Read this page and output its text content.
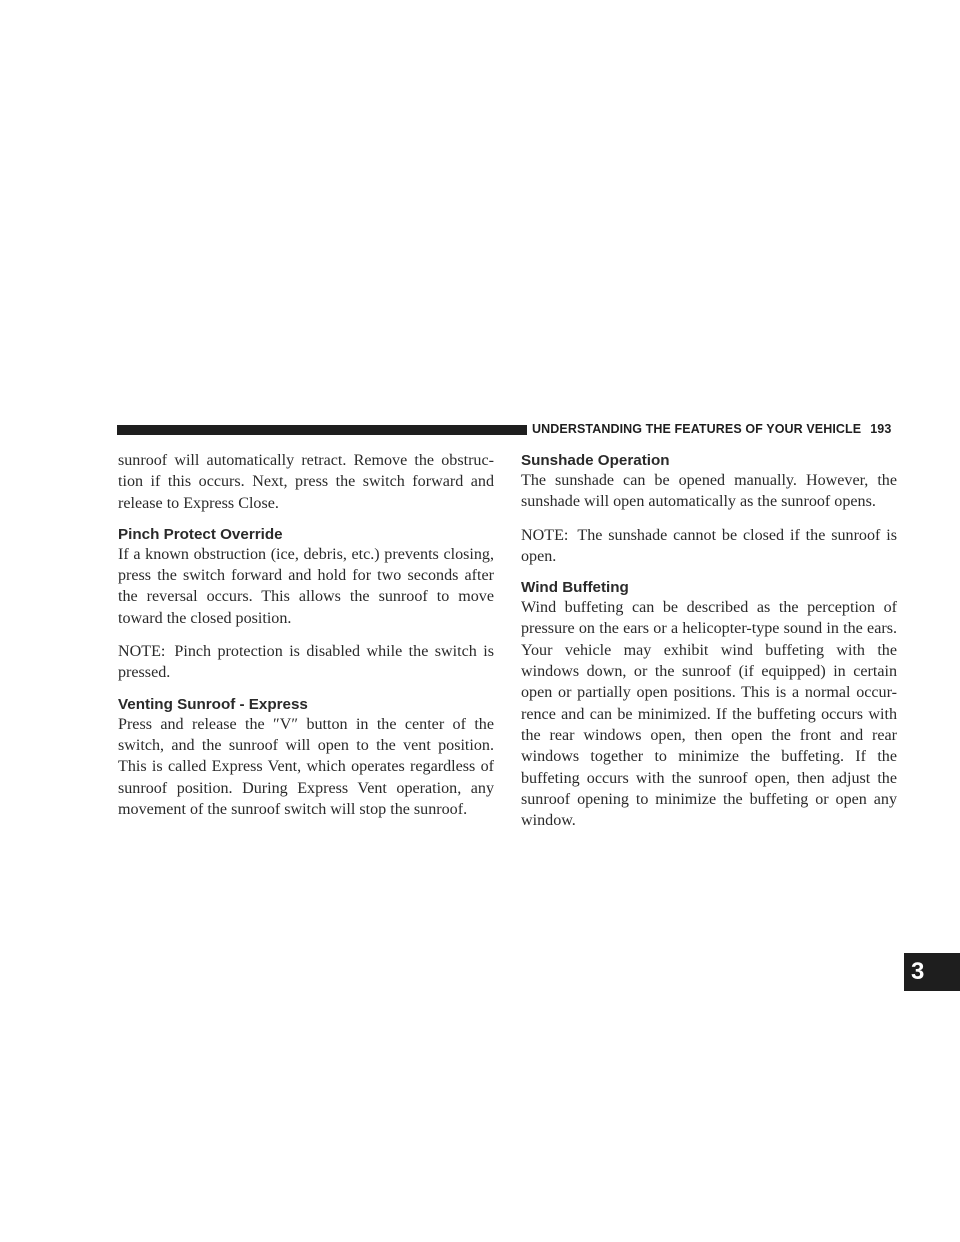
UNDERSTANDING THE FEATURES OF YOUR VEHICLE 193

sunroof will automatically retract. Remove the obstruc- tion if this occurs. Next, press the switch forward and release to Express Close.

Pinch Protect Override

If a known obstruction (ice, debris, etc.) prevents closing, press the switch forward and hold for two seconds after the reversal occurs. This allows the sunroof to move toward the closed position.

NOTE: Pinch protection is disabled while the switch is pressed.

Venting Sunroof - Express

Press and release the ″V″ button in the center of the switch, and the sunroof will open to the vent position. This is called Express Vent, which operates regardless of sunroof position. During Express Vent operation, any movement of the sunroof switch will stop the sunroof.

Sunshade Operation

The sunshade can be opened manually. However, the sunshade will open automatically as the sunroof opens.

NOTE: The sunshade cannot be closed if the sunroof is open.

Wind Buffeting

Wind buffeting can be described as the perception of pressure on the ears or a helicopter-type sound in the ears. Your vehicle may exhibit wind buffeting with the windows down, or the sunroof (if equipped) in certain open or partially open positions. This is a normal occur- rence and can be minimized. If the buffeting occurs with the rear windows open, then open the front and rear windows together to minimize the buffeting. If the buffeting occurs with the sunroof open, then adjust the sunroof opening to minimize the buffeting or open any window.

3
